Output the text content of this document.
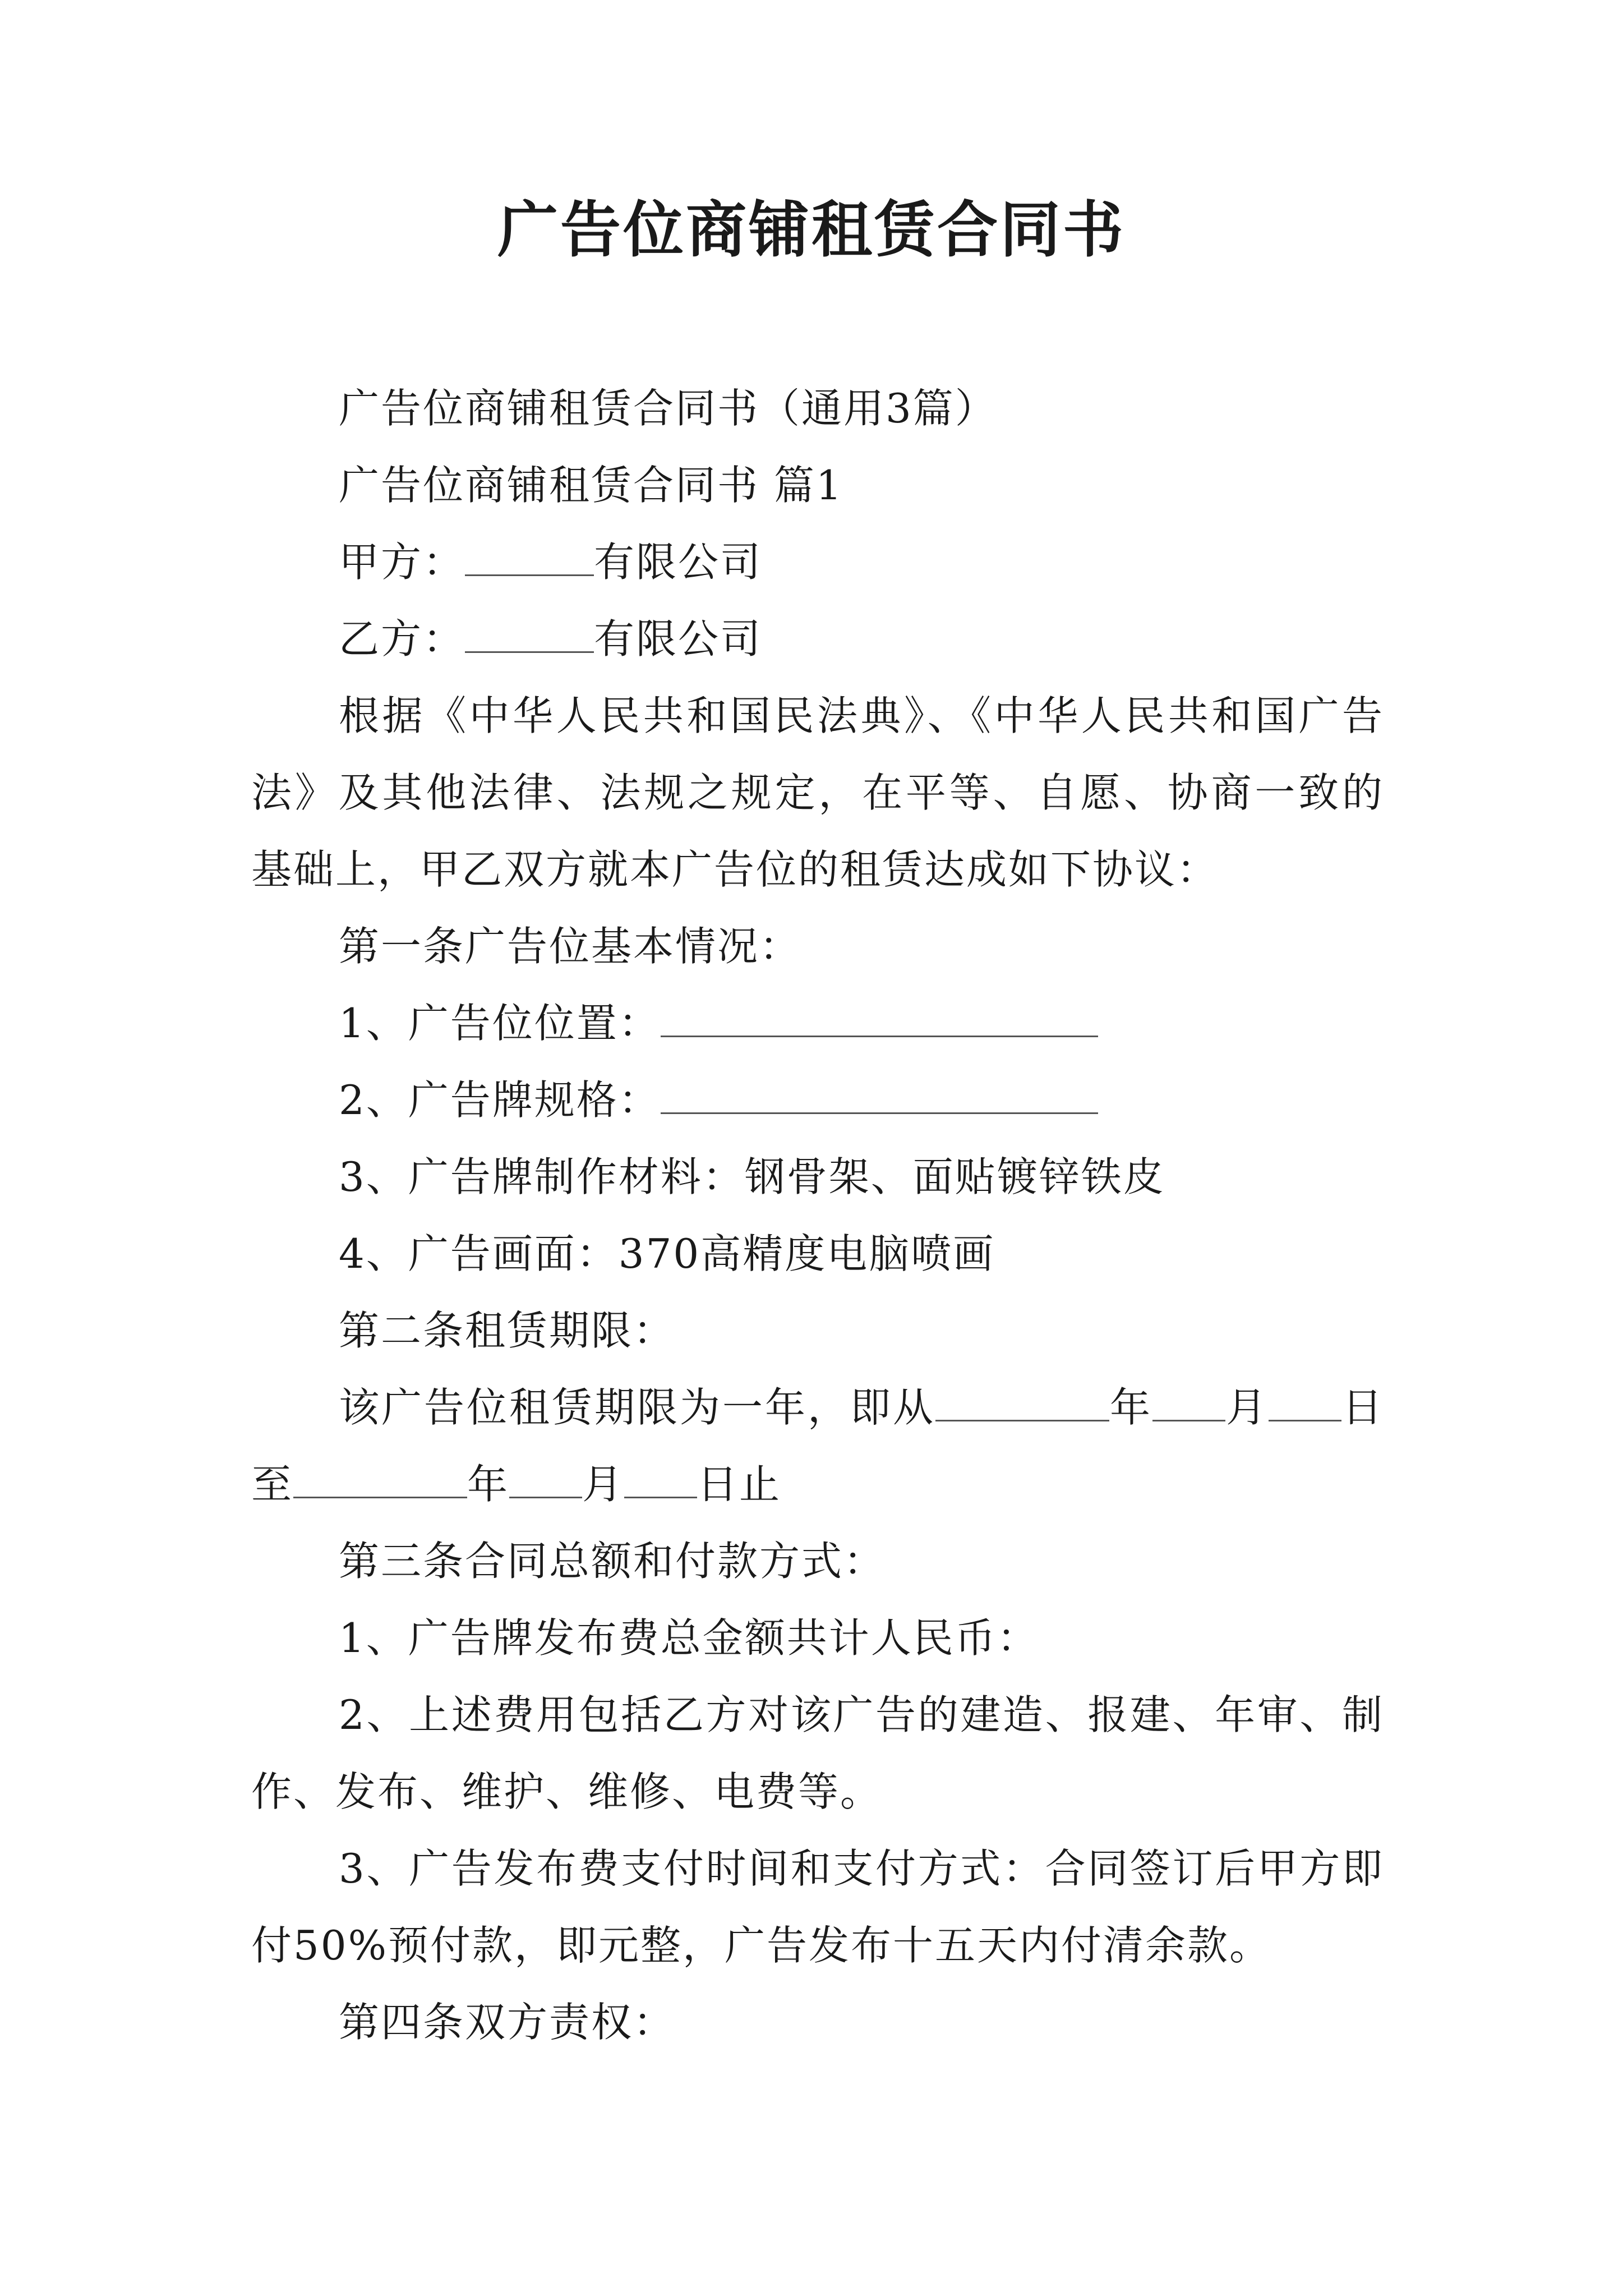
广告位商铺租赁合同书

广告位商铺租赁合同书（通用3篇）

广告位商铺租赁合同书 篇1

甲方：	有限公司

乙方：	有限公司

根据《中华人民共和国民法典》、《中华人民共和国广告法》及其他法律、法规之规定，在平等、自愿、协商一致的基础上，甲乙双方就本广告位的租赁达成如下协议：

第一条广告位基本情况：

1、广告位位置：

2、广告牌规格：

3、广告牌制作材料：钢骨架、面贴镀锌铁皮

4、广告画面：370高精度电脑喷画

第二条租赁期限：

该广告位租赁期限为一年，即从	年 月 日至	年 月 日止

第三条合同总额和付款方式：

1、广告牌发布费总金额共计人民币：

2、上述费用包括乙方对该广告的建造、报建、年审、制作、发布、维护、维修、电费等。

3、广告发布费支付时间和支付方式：合同签订后甲方即付50%预付款，即元整，广告发布十五天内付清余款。

第四条双方责权：
